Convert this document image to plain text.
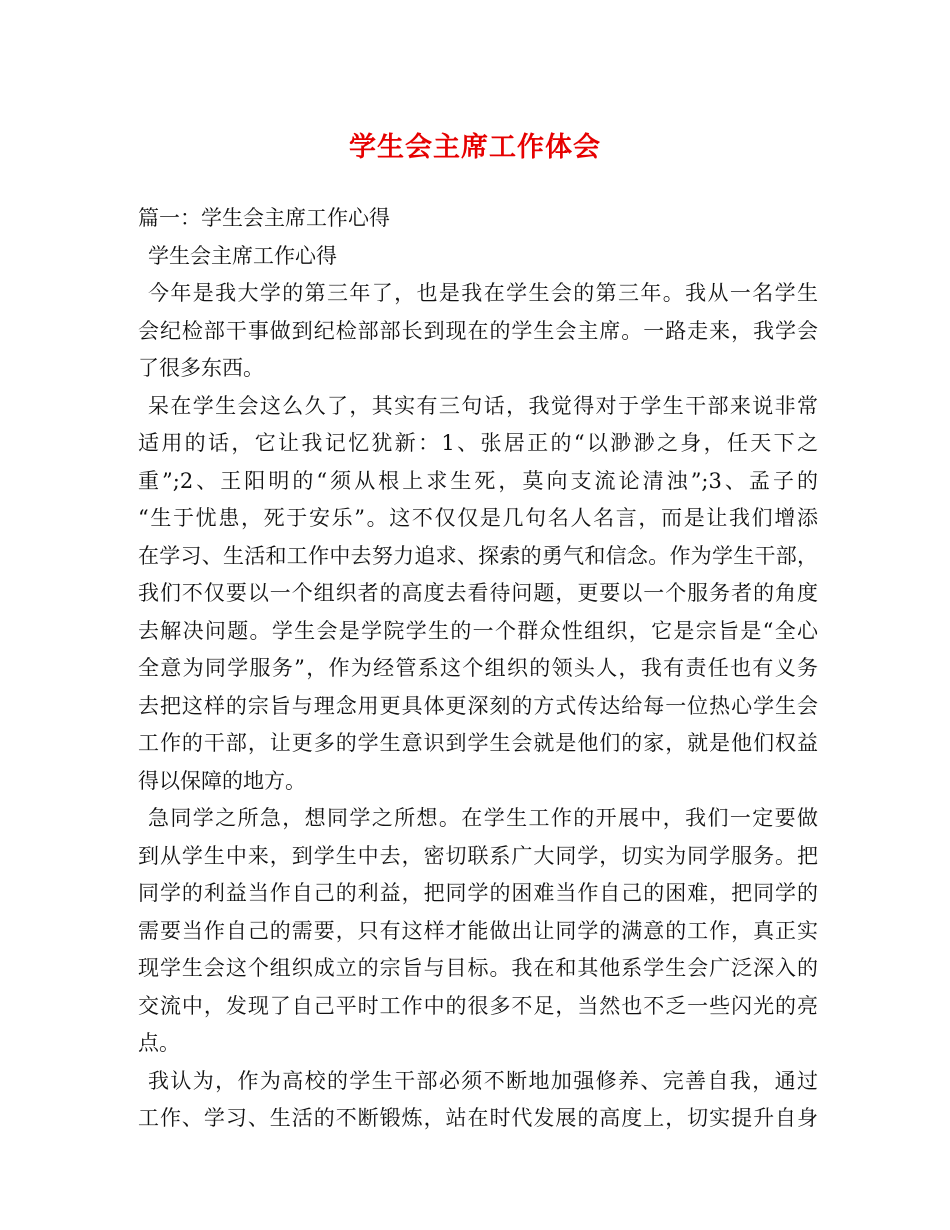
学生会主席工作体会
篇一：学生会主席工作心得
学生会主席工作心得
今年是我大学的第三年了，也是我在学生会的第三年。我从一名学生
会纪检部干事做到纪检部部长到现在的学生会主席。一路走来，我学会
了很多东西。
呆在学生会这么久了，其实有三句话，我觉得对于学生干部来说非常
适用的话，它让我记忆犹新：1、张居正的“以渺渺之身，任天下之
重”;2、王阳明的“须从根上求生死，莫向支流论清浊”;3、孟子的
“生于忧患，死于安乐”。这不仅仅是几句名人名言，而是让我们增添
在学习、生活和工作中去努力追求、探索的勇气和信念。作为学生干部，
我们不仅要以一个组织者的高度去看待问题，更要以一个服务者的角度
去解决问题。学生会是学院学生的一个群众性组织，它是宗旨是“全心
全意为同学服务”，作为经管系这个组织的领头人，我有责任也有义务
去把这样的宗旨与理念用更具体更深刻的方式传达给每一位热心学生会
工作的干部，让更多的学生意识到学生会就是他们的家，就是他们权益
得以保障的地方。
急同学之所急，想同学之所想。在学生工作的开展中，我们一定要做
到从学生中来，到学生中去，密切联系广大同学，切实为同学服务。把
同学的利益当作自己的利益，把同学的困难当作自己的困难，把同学的
需要当作自己的需要，只有这样才能做出让同学的满意的工作，真正实
现学生会这个组织成立的宗旨与目标。我在和其他系学生会广泛深入的
交流中，发现了自己平时工作中的很多不足，当然也不乏一些闪光的亮
点。
我认为，作为高校的学生干部必须不断地加强修养、完善自我，通过
工作、学习、生活的不断锻炼，站在时代发展的高度上，切实提升自身
